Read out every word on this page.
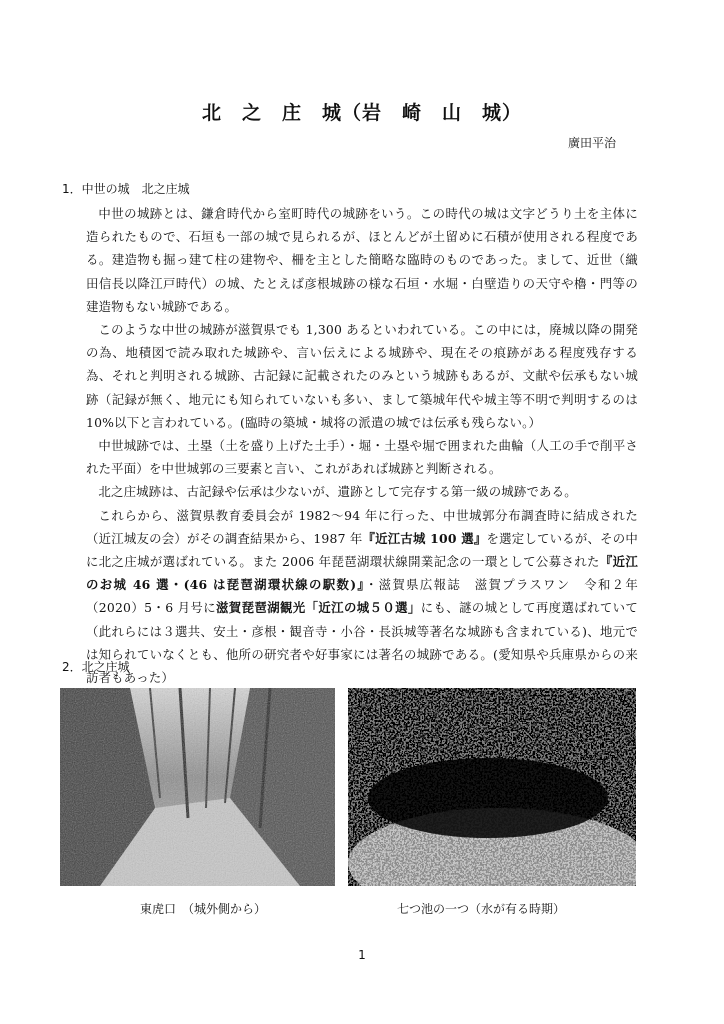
北　之　庄　城（岩　崎　山　城）
廣田平治
1．中世の城　北之庄城

中世の城跡とは、鎌倉時代から室町時代の城跡をいう。この時代の城は文字どうり土を主体に造られたもので、石垣も一部の城で見られるが、ほとんどが土留めに石積が使用される程度である。建造物も掘っ建て柱の建物や、柵を主とした簡略な臨時のものであった。まして、近世（織田信長以降江戸時代）の城、たとえば彦根城跡の様な石垣・水堀・白壁造りの天守や櫓・門等の建造物もない城跡である。

このような中世の城跡が滋賀県でも 1,300 あるといわれている。この中には，廃城以降の開発の為、地積図で読み取れた城跡や、言い伝えによる城跡や、現在その痕跡がある程度残存する為、それと判明される城跡、古記録に記載されたのみという城跡もあるが、文献や伝承もない城跡（記録が無く、地元にも知られていないも多い、まして築城年代や城主等不明で判明するのは 10%以下と言われている。(臨時の築城・城将の派遣の城では伝承も残らない。）

中世城跡では、土塁（土を盛り上げた土手）・堀・土塁や堀で囲まれた曲輪（人工の手で削平された平面）を中世城郭の三要素と言い、これがあれば城跡と判断される。

北之庄城跡は、古記録や伝承は少ないが、遺跡として完存する第一級の城跡である。

これらから、滋賀県教育委員会が 1982～94 年に行った、中世城郭分布調査時に結成された（近江城友の会）がその調査結果から、1987 年『近江古城 100 選』を選定しているが、その中に北之庄城が選ばれている。また 2006 年琵琶湖環状線開業記念の一環として公募された『近江のお城 46 選・(46 は琵琶湖環状線の駅数)』・滋賀県広報誌　滋賀プラスワン　令和２年（2020）5・6 月号に滋賀琵琶湖観光「近江の城５０選」にも、謎の城として再度選ばれていて（此れらには３選共、安土・彦根・観音寺・小谷・長浜城等著名な城跡も含まれている)、地元では知られていなくとも、他所の研究者や好事家には著名の城跡である。(愛知県や兵庫県からの来訪者もあった）

2．北之庄城
東虎口　（城外側から）	七つ池の一つ（水が有る時期）
1
